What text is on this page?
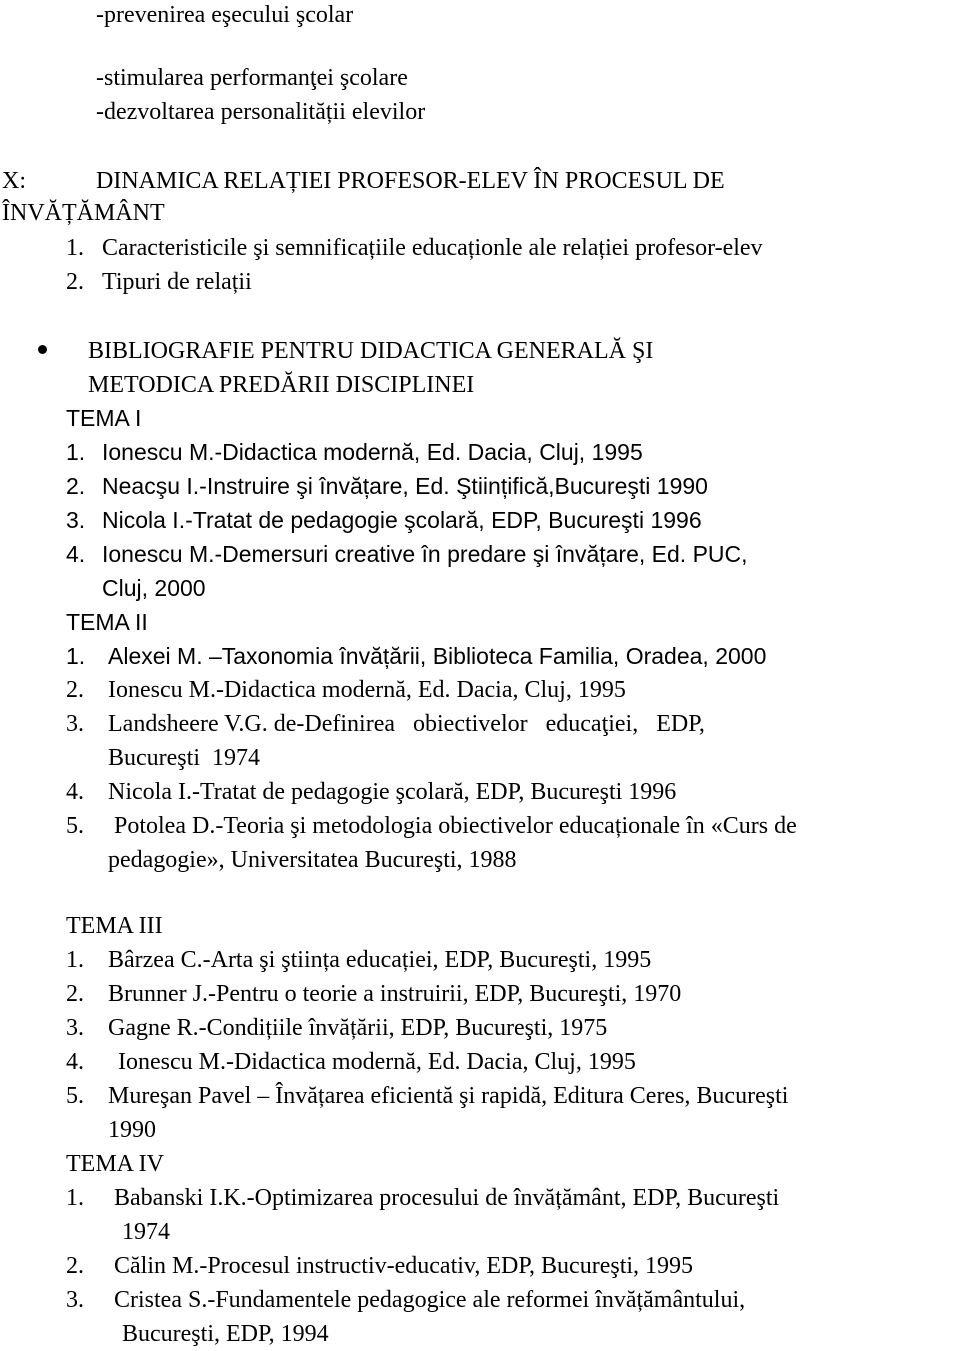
-prevenirea eşecului şcolar
-stimularea performanţei şcolare
-dezvoltarea personalității elevilor
X:	DINAMICA RELAȚIEI PROFESOR-ELEV ÎN PROCESUL DE
ÎNVĂȚĂMÂNT
1. Caracteristicile şi semnificațiile educaționle ale relației profesor-elev
2. Tipuri de relații
BIBLIOGRAFIE PENTRU DIDACTICA GENERALĂ ŞI
METODICA PREDĂRII DISCIPLINEI
TEMA I
1. Ionescu M.-Didactica modernă, Ed. Dacia, Cluj, 1995
2. Neacşu I.-Instruire şi învățare, Ed. Ştiințifică,Bucureşti 1990
3. Nicola I.-Tratat de pedagogie şcolară, EDP, Bucureşti 1996
4. Ionescu M.-Demersuri creative în predare şi învățare, Ed. PUC,
Cluj, 2000
TEMA II
1. Alexei M. –Taxonomia învățării, Biblioteca Familia, Oradea, 2000
2. Ionescu M.-Didactica modernă, Ed. Dacia, Cluj, 1995
3. Landsheere V.G. de-Definirea   obiectivelor   educaţiei,   EDP,
Bucureşti  1974
4. Nicola I.-Tratat de pedagogie şcolară, EDP, Bucureşti 1996
5. Potolea D.-Teoria şi metodologia obiectivelor educaționale în «Curs de
pedagogie», Universitatea Bucureşti, 1988
TEMA III
1. Bârzea C.-Arta şi ştiința educației, EDP, Bucureşti, 1995
2. Brunner J.-Pentru o teorie a instruirii, EDP, Bucureşti, 1970
3. Gagne R.-Condițiile învățării, EDP, Bucureşti, 1975
4. Ionescu M.-Didactica modernă, Ed. Dacia, Cluj, 1995
5. Mureşan Pavel – Învățarea eficientă şi rapidă, Editura Ceres, Bucureşti
1990
TEMA IV
1. Babanski I.K.-Optimizarea procesului de învățământ, EDP, Bucureşti
1974
2. Călin M.-Procesul instructiv-educativ, EDP, Bucureşti, 1995
3. Cristea S.-Fundamentele pedagogice ale reformei învățământului,
Bucureşti, EDP, 1994
